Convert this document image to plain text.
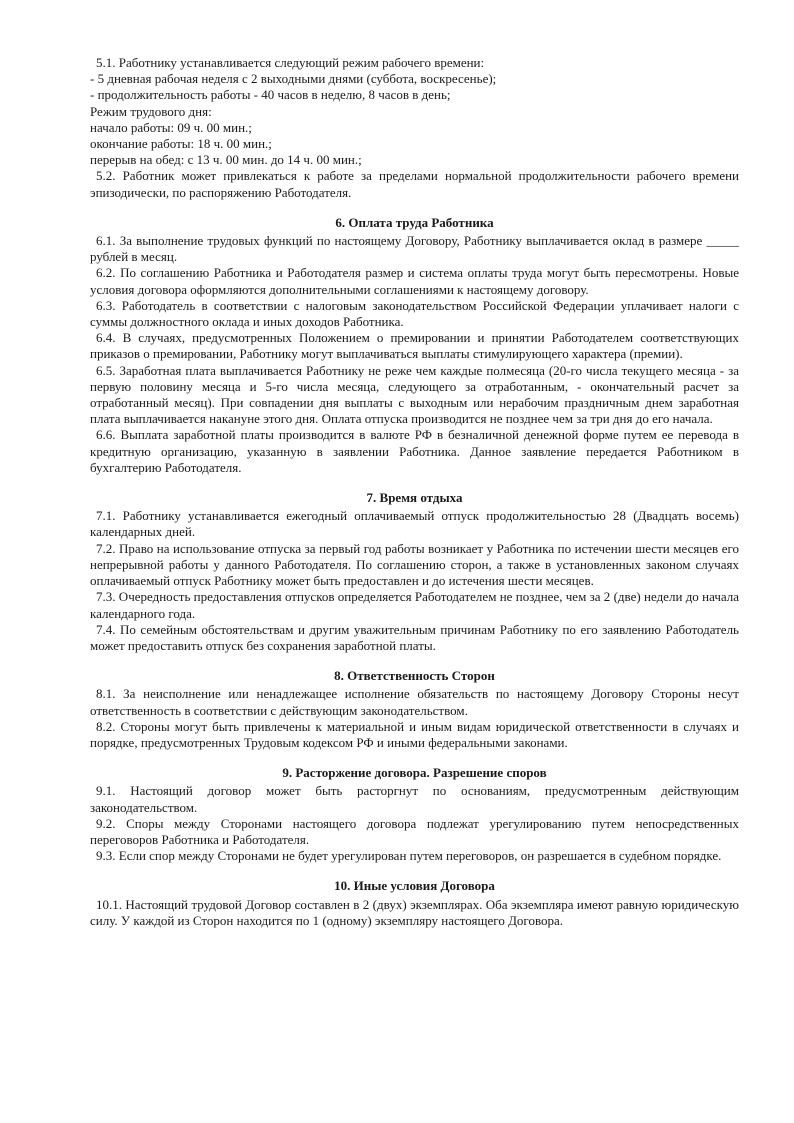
5.1. Работнику устанавливается следующий режим рабочего времени:

- 5 дневная рабочая неделя с 2 выходными днями (суббота, воскресенье);

- продолжительность работы - 40 часов в неделю, 8 часов в день;

Режим трудового дня:

начало работы: 09 ч. 00 мин.;

окончание работы: 18 ч. 00 мин.;

перерыв на обед: с 13 ч. 00 мин. до 14 ч. 00 мин.;

5.2. Работник может привлекаться к работе за пределами нормальной продолжительности рабочего времени эпизодически, по распоряжению Работодателя.

6. Оплата труда Работника

6.1. За выполнение трудовых функций по настоящему Договору, Работнику выплачивается оклад в размере _____ рублей в месяц.

6.2. По соглашению Работника и Работодателя размер и система оплаты труда могут быть пересмотрены. Новые условия договора оформляются дополнительными соглашениями к настоящему договору.

6.3. Работодатель в соответствии с налоговым законодательством Российской Федерации уплачивает налоги с суммы должностного оклада и иных доходов Работника.

6.4. В случаях, предусмотренных Положением о премировании и принятии Работодателем соответствующих приказов о премировании, Работнику могут выплачиваться выплаты стимулирующего характера (премии).

6.5. Заработная плата выплачивается Работнику не реже чем каждые полмесяца (20-го числа текущего месяца - за первую половину месяца и 5-го числа месяца, следующего за отработанным, - окончательный расчет за отработанный месяц). При совпадении дня выплаты с выходным или нерабочим праздничным днем заработная плата выплачивается накануне этого дня. Оплата отпуска производится не позднее чем за три дня до его начала.

6.6. Выплата заработной платы производится в валюте РФ в безналичной денежной форме путем ее перевода в кредитную организацию, указанную в заявлении Работника. Данное заявление передается Работником в бухгалтерию Работодателя.

7. Время отдыха

7.1. Работнику устанавливается ежегодный оплачиваемый отпуск продолжительностью 28 (Двадцать восемь) календарных дней.

7.2. Право на использование отпуска за первый год работы возникает у Работника по истечении шести месяцев его непрерывной работы у данного Работодателя. По соглашению сторон, а также в установленных законом случаях оплачиваемый отпуск Работнику может быть предоставлен и до истечения шести месяцев.

7.3. Очередность предоставления отпусков определяется Работодателем не позднее, чем за 2 (две) недели до начала календарного года.

7.4. По семейным обстоятельствам и другим уважительным причинам Работнику по его заявлению Работодатель может предоставить отпуск без сохранения заработной платы.

8. Ответственность Сторон

8.1. За неисполнение или ненадлежащее исполнение обязательств по настоящему Договору Стороны несут ответственность в соответствии с действующим законодательством.

8.2. Стороны могут быть привлечены к материальной и иным видам юридической ответственности в случаях и порядке, предусмотренных Трудовым кодексом РФ и иными федеральными законами.

9. Расторжение договора. Разрешение споров

9.1. Настоящий договор может быть расторгнут по основаниям, предусмотренным действующим законодательством.

9.2. Споры между Сторонами настоящего договора подлежат урегулированию путем непосредственных переговоров Работника и Работодателя.

9.3. Если спор между Сторонами не будет урегулирован путем переговоров, он разрешается в судебном порядке.

10. Иные условия Договора

10.1. Настоящий трудовой Договор составлен в 2 (двух) экземплярах. Оба экземпляра имеют равную юридическую силу. У каждой из Сторон находится по 1 (одному) экземпляру настоящего Договора.
